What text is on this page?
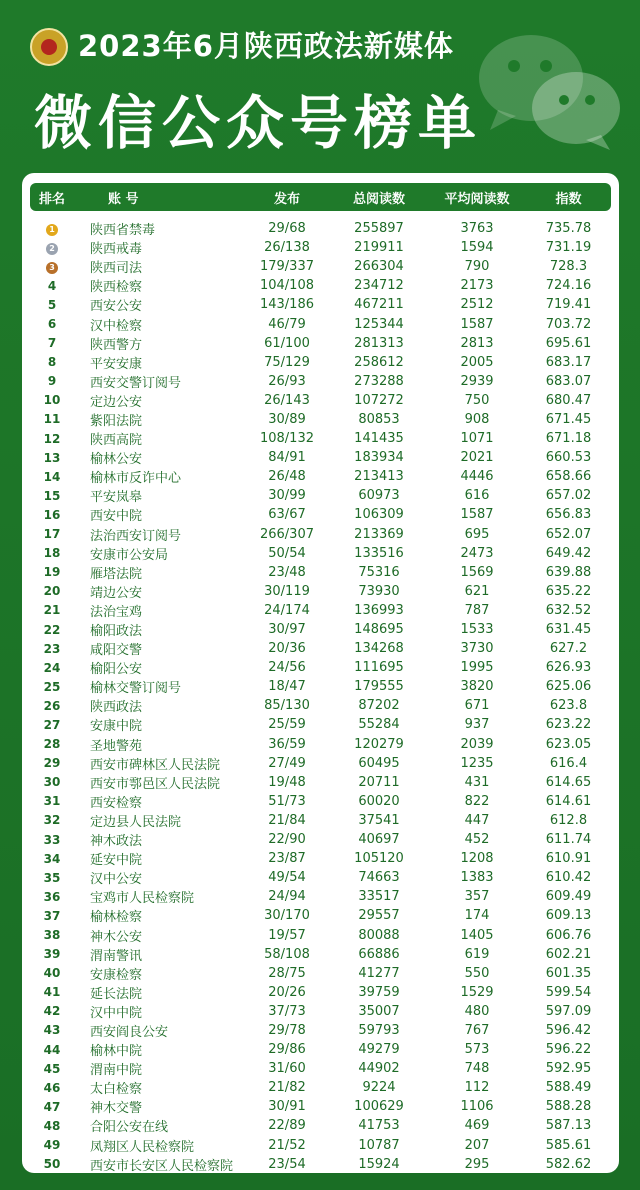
2023年6月陕西政法新媒体
微信公众号榜单
排名	账 号	发布	总阅读数	平均阅读数	指数
1	陕西省禁毒	29/68	255897	3763	735.78
2	陕西戒毒	26/138	219911	1594	731.19
3	陕西司法	179/337	266304	790	728.3
4	陕西检察	104/108	234712	2173	724.16
5	西安公安	143/186	467211	2512	719.41
6	汉中检察	46/79	125344	1587	703.72
7	陕西警方	61/100	281313	2813	695.61
8	平安安康	75/129	258612	2005	683.17
9	西安交警订阅号	26/93	273288	2939	683.07
10	定边公安	26/143	107272	750	680.47
11	紫阳法院	30/89	80853	908	671.45
12	陕西高院	108/132	141435	1071	671.18
13	榆林公安	84/91	183934	2021	660.53
14	榆林市反诈中心	26/48	213413	4446	658.66
15	平安岚皋	30/99	60973	616	657.02
16	西安中院	63/67	106309	1587	656.83
17	法治西安订阅号	266/307	213369	695	652.07
18	安康市公安局	50/54	133516	2473	649.42
19	雁塔法院	23/48	75316	1569	639.88
20	靖边公安	30/119	73930	621	635.22
21	法治宝鸡	24/174	136993	787	632.52
22	榆阳政法	30/97	148695	1533	631.45
23	咸阳交警	20/36	134268	3730	627.2
24	榆阳公安	24/56	111695	1995	626.93
25	榆林交警订阅号	18/47	179555	3820	625.06
26	陕西政法	85/130	87202	671	623.8
27	安康中院	25/59	55284	937	623.22
28	圣地警苑	36/59	120279	2039	623.05
29	西安市碑林区人民法院	27/49	60495	1235	616.4
30	西安市鄠邑区人民法院	19/48	20711	431	614.65
31	西安检察	51/73	60020	822	614.61
32	定边县人民法院	21/84	37541	447	612.8
33	神木政法	22/90	40697	452	611.74
34	延安中院	23/87	105120	1208	610.91
35	汉中公安	49/54	74663	1383	610.42
36	宝鸡市人民检察院	24/94	33517	357	609.49
37	榆林检察	30/170	29557	174	609.13
38	神木公安	19/57	80088	1405	606.76
39	渭南警讯	58/108	66886	619	602.21
40	安康检察	28/75	41277	550	601.35
41	延长法院	20/26	39759	1529	599.54
42	汉中中院	37/73	35007	480	597.09
43	西安阎良公安	29/78	59793	767	596.42
44	榆林中院	29/86	49279	573	596.22
45	渭南中院	31/60	44902	748	592.95
46	太白检察	21/82	9224	112	588.49
47	神木交警	30/91	100629	1106	588.28
48	合阳公安在线	22/89	41753	469	587.13
49	凤翔区人民检察院	21/52	10787	207	585.61
50	西安市长安区人民检察院	23/54	15924	295	582.62
